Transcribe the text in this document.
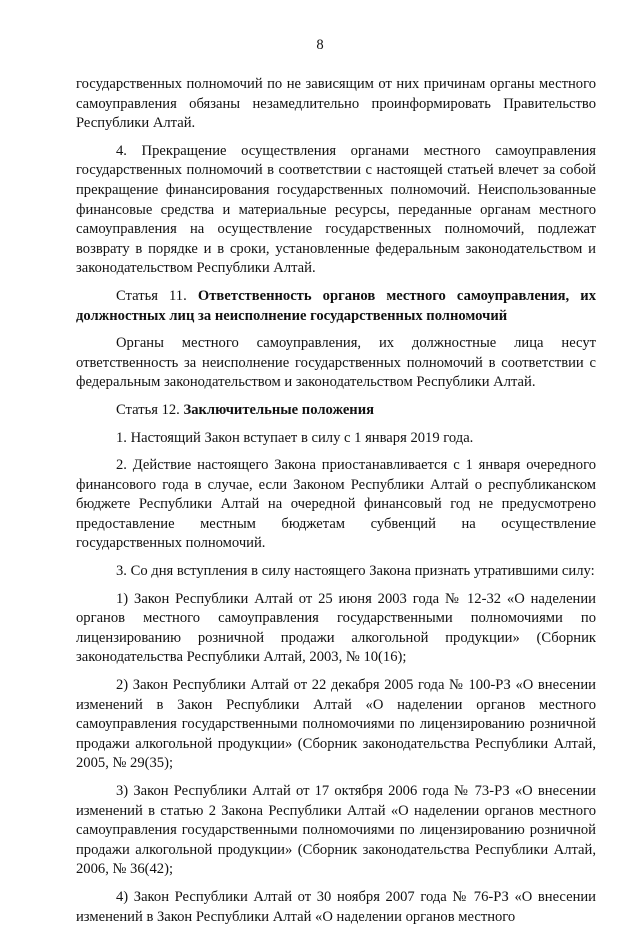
8

государственных полномочий по не зависящим от них причинам органы местного самоуправления обязаны незамедлительно проинформировать Правительство Республики Алтай.

4. Прекращение осуществления органами местного самоуправления государственных полномочий в соответствии с настоящей статьей влечет за собой прекращение финансирования государственных полномочий. Неиспользованные финансовые средства и материальные ресурсы, переданные органам местного самоуправления на осуществление государственных полномочий, подлежат возврату в порядке и в сроки, установленные федеральным законодательством и законодательством Республики Алтай.

Статья 11. Ответственность органов местного самоуправления, их должностных лиц за неисполнение государственных полномочий

Органы местного самоуправления, их должностные лица несут ответственность за неисполнение государственных полномочий в соответствии с федеральным законодательством и законодательством Республики Алтай.

Статья 12. Заключительные положения

1. Настоящий Закон вступает в силу с 1 января 2019 года.

2. Действие настоящего Закона приостанавливается с 1 января очередного финансового года в случае, если Законом Республики Алтай о республиканском бюджете Республики Алтай на очередной финансовый год не предусмотрено предоставление местным бюджетам субвенций на осуществление государственных полномочий.

3. Со дня вступления в силу настоящего Закона признать утратившими силу:

1) Закон Республики Алтай от 25 июня 2003 года № 12-32 «О наделении органов местного самоуправления государственными полномочиями по лицензированию розничной продажи алкогольной продукции» (Сборник законодательства Республики Алтай, 2003, № 10(16);

2) Закон Республики Алтай от 22 декабря 2005 года № 100-РЗ «О внесении изменений в Закон Республики Алтай «О наделении органов местного самоуправления государственными полномочиями по лицензированию розничной продажи алкогольной продукции» (Сборник законодательства Республики Алтай, 2005, № 29(35);

3) Закон Республики Алтай от 17 октября 2006 года № 73-РЗ «О внесении изменений в статью 2 Закона Республики Алтай «О наделении органов местного самоуправления государственными полномочиями по лицензированию розничной продажи алкогольной продукции» (Сборник законодательства Республики Алтай, 2006, № 36(42);

4) Закон Республики Алтай от 30 ноября 2007 года № 76-РЗ «О внесении изменений в Закон Республики Алтай «О наделении органов местного
